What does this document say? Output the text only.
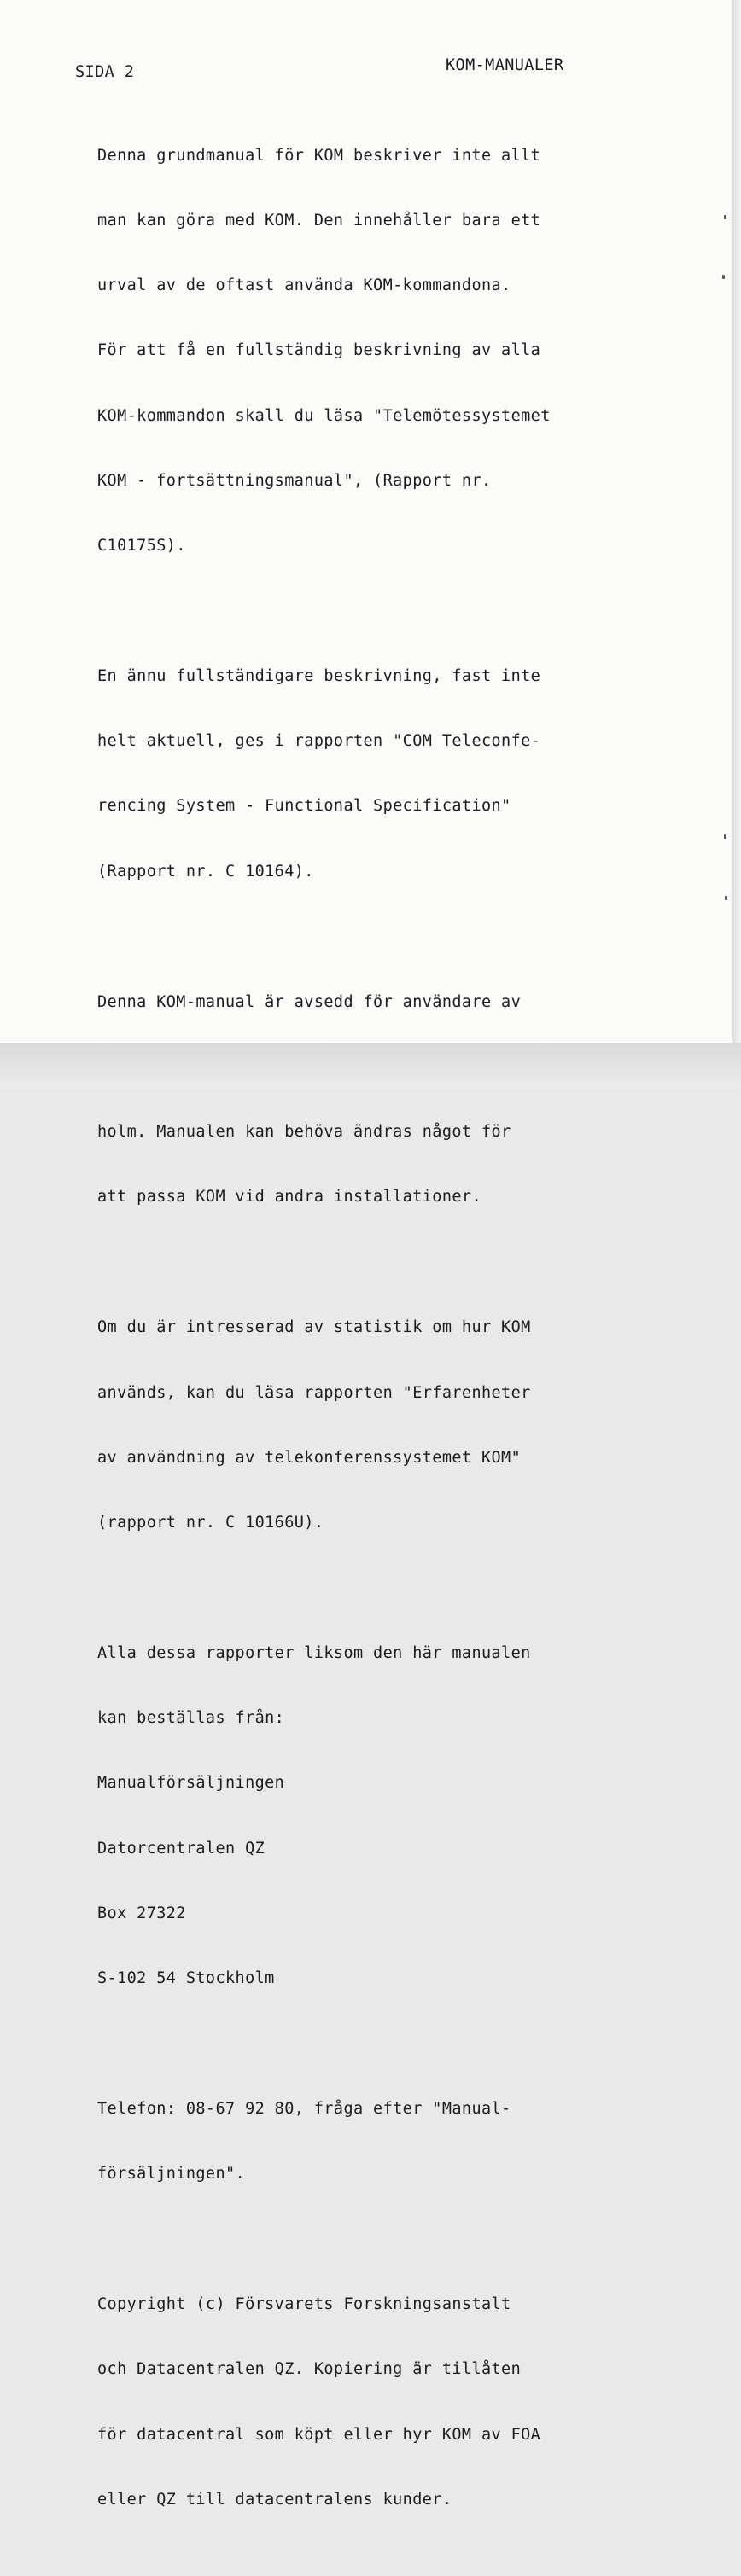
SIDA 2	KOM-MANUALER

Denna grundmanual för KOM beskriver inte allt

man kan göra med KOM. Den innehåller bara ett

urval av de oftast använda KOM-kommandona.

För att få en fullständig beskrivning av alla

KOM-kommandon skall du läsa "Telemötessystemet

KOM - fortsättningsmanual", (Rapport nr.

C10175S).

En ännu fullständigare beskrivning, fast inte

helt aktuell, ges i rapporten "COM Teleconfe-

rencing System - Functional Specification"

(Rapport nr. C 10164).

Denna KOM-manual är avsedd för användare av

holm. Manualen kan behöva ändras något för

att passa KOM vid andra installationer.

Om du är intresserad av statistik om hur KOM

används, kan du läsa rapporten "Erfarenheter

av användning av telekonferenssystemet KOM"

(rapport nr. C 10166U).

Alla dessa rapporter liksom den här manualen

kan beställas från:

Manualförsäljningen

Datorcentralen QZ

Box 27322

S-102 54 Stockholm

Telefon: 08-67 92 80, fråga efter "Manual-

försäljningen".

Copyright (c) Försvarets Forskningsanstalt

och Datacentralen QZ. Kopiering är tillåten

för datacentral som köpt eller hyr KOM av FOA

eller QZ till datacentralens kunder.
